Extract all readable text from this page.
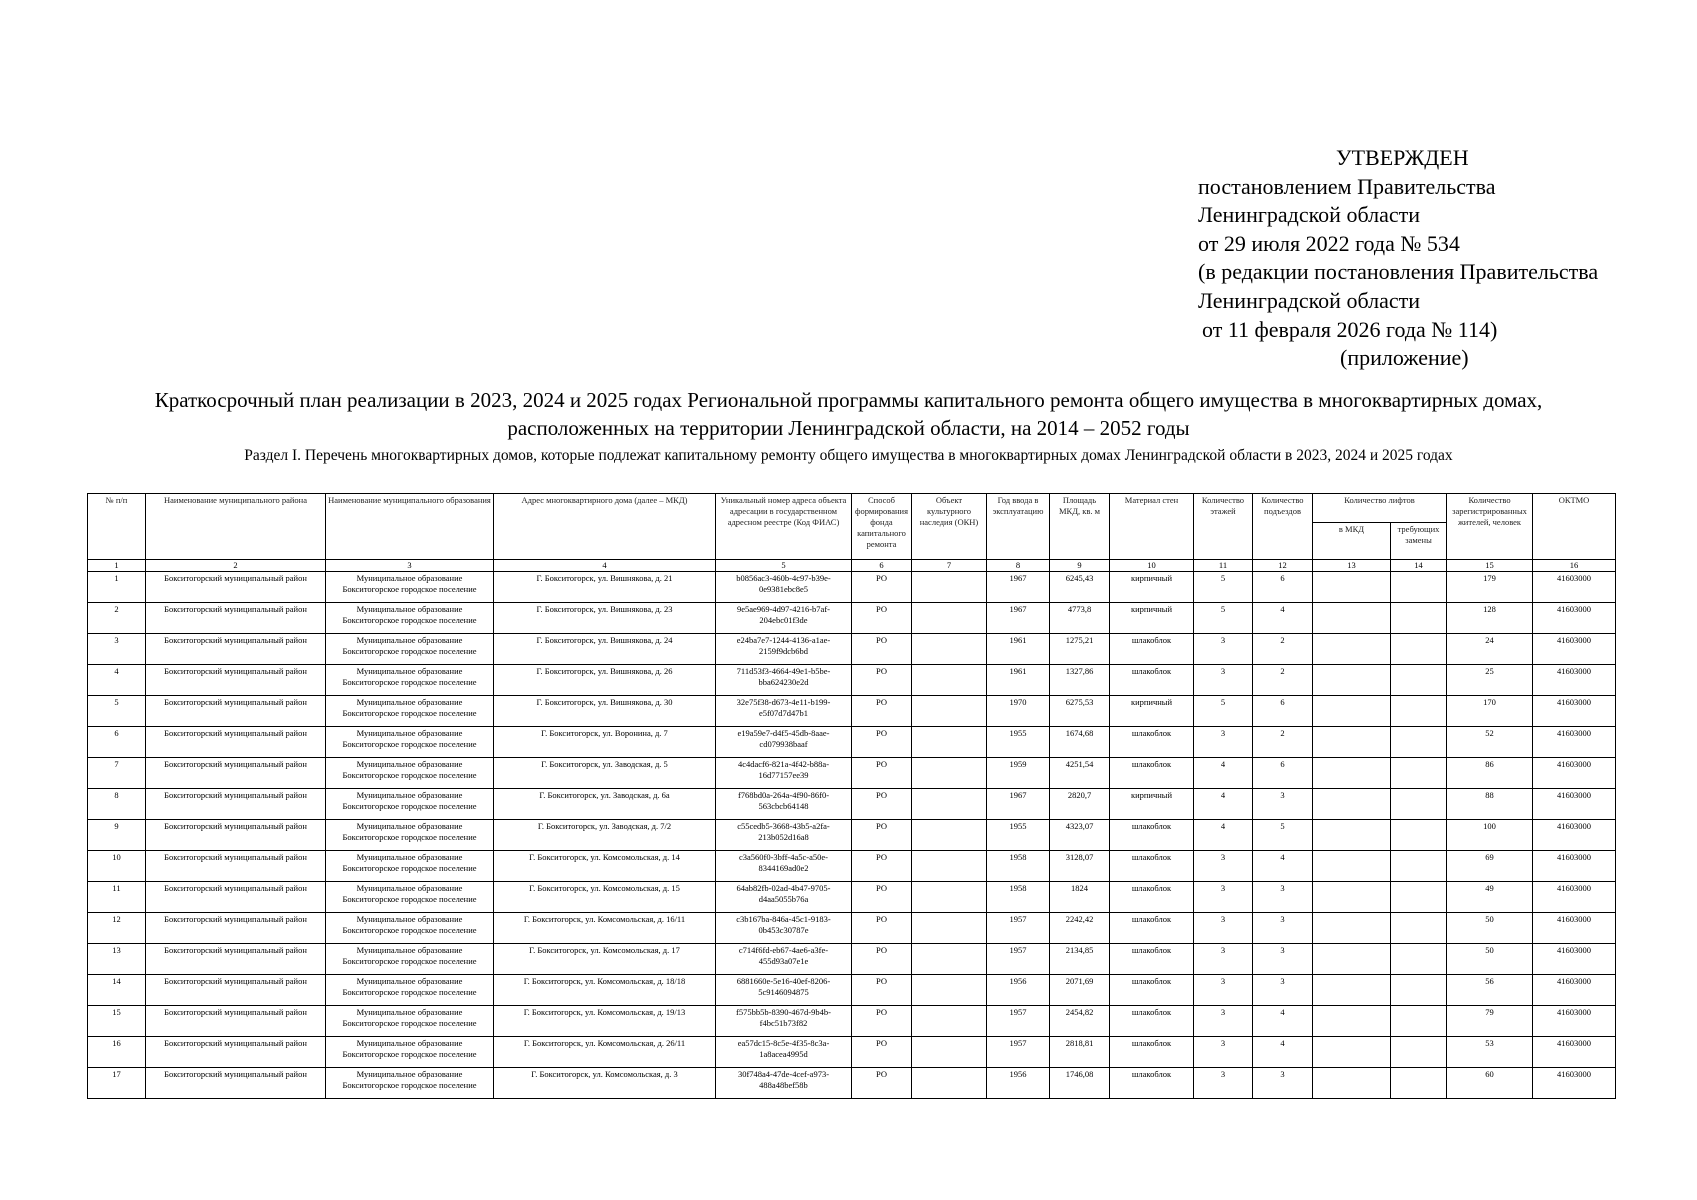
УТВЕРЖДЕН
постановлением Правительства
Ленинградской области
от 29 июля 2022 года № 534
(в редакции постановления Правительства
Ленинградской области
от 11 февраля 2026 года № 114)
(приложение)
Краткосрочный план реализации в 2023, 2024 и 2025 годах Региональной программы капитального ремонта общего имущества в многоквартирных домах,
расположенных на территории Ленинградской области, на 2014 – 2052 годы
Раздел I. Перечень многоквартирных домов, которые подлежат капитальному ремонту общего имущества в многоквартирных домах Ленинградской области в 2023, 2024 и 2025 годах
№ п/п	Наименование муниципального района	Наименование муниципального образования	Адрес многоквартирного дома (далее – МКД)	Уникальный номер адреса объекта адресации в государственном адресном реестре (Код ФИАС)	Способ формирования фонда капитального ремонта	Объект культурного наследия (ОКН)	Год ввода в эксплуатацию	Площадь МКД, кв. м	Материал стен	Количество этажей	Количество подъездов	Количество лифтов		Количество зарегистрированных жителей, человек	ОКТМО
												в МКД	требующих замены		
1	2	3	4	5	6	7	8	9	10	11	12	13	14	15	16
1	Бокситогорский муниципальный район	Муниципальное образование Бокситогорское городское поселение	Г. Бокситогорск, ул. Вишнякова, д. 21	b0856ac3-460b-4c97-b39e-0e9381ebc8e5	РО		1967	6245,43	кирпичный	5	6			179	41603000
2	Бокситогорский муниципальный район	Муниципальное образование Бокситогорское городское поселение	Г. Бокситогорск, ул. Вишнякова, д. 23	9e5ae969-4d97-4216-b7af-204ebc01f3de	РО		1967	4773,8	кирпичный	5	4			128	41603000
3	Бокситогорский муниципальный район	Муниципальное образование Бокситогорское городское поселение	Г. Бокситогорск, ул. Вишнякова, д. 24	e24ba7e7-1244-4136-a1ae-2159f9dcb6bd	РО		1961	1275,21	шлакоблок	3	2			24	41603000
4	Бокситогорский муниципальный район	Муниципальное образование Бокситогорское городское поселение	Г. Бокситогорск, ул. Вишнякова, д. 26	711d53f3-4664-49e1-b5be-bba624230e2d	РО		1961	1327,86	шлакоблок	3	2			25	41603000
5	Бокситогорский муниципальный район	Муниципальное образование Бокситогорское городское поселение	Г. Бокситогорск, ул. Вишнякова, д. 30	32e75f38-d673-4e11-b199-e5f07d7d47b1	РО		1970	6275,53	кирпичный	5	6			170	41603000
6	Бокситогорский муниципальный район	Муниципальное образование Бокситогорское городское поселение	Г. Бокситогорск, ул. Воронина, д. 7	e19a59e7-d4f5-45db-8aae-cd079938baaf	РО		1955	1674,68	шлакоблок	3	2			52	41603000
7	Бокситогорский муниципальный район	Муниципальное образование Бокситогорское городское поселение	Г. Бокситогорск, ул. Заводская, д. 5	4c4dacf6-821a-4f42-b88a-16d77157ee39	РО		1959	4251,54	шлакоблок	4	6			86	41603000
8	Бокситогорский муниципальный район	Муниципальное образование Бокситогорское городское поселение	Г. Бокситогорск, ул. Заводская, д. 6а	f768bd0a-264a-4f90-86f0-563cbcb64148	РО		1967	2820,7	кирпичный	4	3			88	41603000
9	Бокситогорский муниципальный район	Муниципальное образование Бокситогорское городское поселение	Г. Бокситогорск, ул. Заводская, д. 7/2	c55cedb5-3668-43b5-a2fa-213b052d16a8	РО		1955	4323,07	шлакоблок	4	5			100	41603000
10	Бокситогорский муниципальный район	Муниципальное образование Бокситогорское городское поселение	Г. Бокситогорск, ул. Комсомольская, д. 14	c3a560f0-3bff-4a5c-a50e-8344169ad0e2	РО		1958	3128,07	шлакоблок	3	4			69	41603000
11	Бокситогорский муниципальный район	Муниципальное образование Бокситогорское городское поселение	Г. Бокситогорск, ул. Комсомольская, д. 15	64ab82fb-02ad-4b47-9705-d4aa5055b76a	РО		1958	1824	шлакоблок	3	3			49	41603000
12	Бокситогорский муниципальный район	Муниципальное образование Бокситогорское городское поселение	Г. Бокситогорск, ул. Комсомольская, д. 16/11	c3b167ba-846a-45c1-9183-0b453c30787e	РО		1957	2242,42	шлакоблок	3	3			50	41603000
13	Бокситогорский муниципальный район	Муниципальное образование Бокситогорское городское поселение	Г. Бокситогорск, ул. Комсомольская, д. 17	c714f6fd-eb67-4ae6-a3fe-455d93a07e1e	РО		1957	2134,85	шлакоблок	3	3			50	41603000
14	Бокситогорский муниципальный район	Муниципальное образование Бокситогорское городское поселение	Г. Бокситогорск, ул. Комсомольская, д. 18/18	6881660e-5e16-40ef-8206-5c9146094875	РО		1956	2071,69	шлакоблок	3	3			56	41603000
15	Бокситогорский муниципальный район	Муниципальное образование Бокситогорское городское поселение	Г. Бокситогорск, ул. Комсомольская, д. 19/13	f575bb5b-8390-467d-9b4b-f4bc51b73f82	РО		1957	2454,82	шлакоблок	3	4			79	41603000
16	Бокситогорский муниципальный район	Муниципальное образование Бокситогорское городское поселение	Г. Бокситогорск, ул. Комсомольская, д. 26/11	ea57dc15-8c5e-4f35-8c3a-1a8acea4995d	РО		1957	2818,81	шлакоблок	3	4			53	41603000
17	Бокситогорский муниципальный район	Муниципальное образование Бокситогорское городское поселение	Г. Бокситогорск, ул. Комсомольская, д. 3	30f748a4-47de-4cef-a973-488a48bef58b	РО		1956	1746,08	шлакоблок	3	3			60	41603000
